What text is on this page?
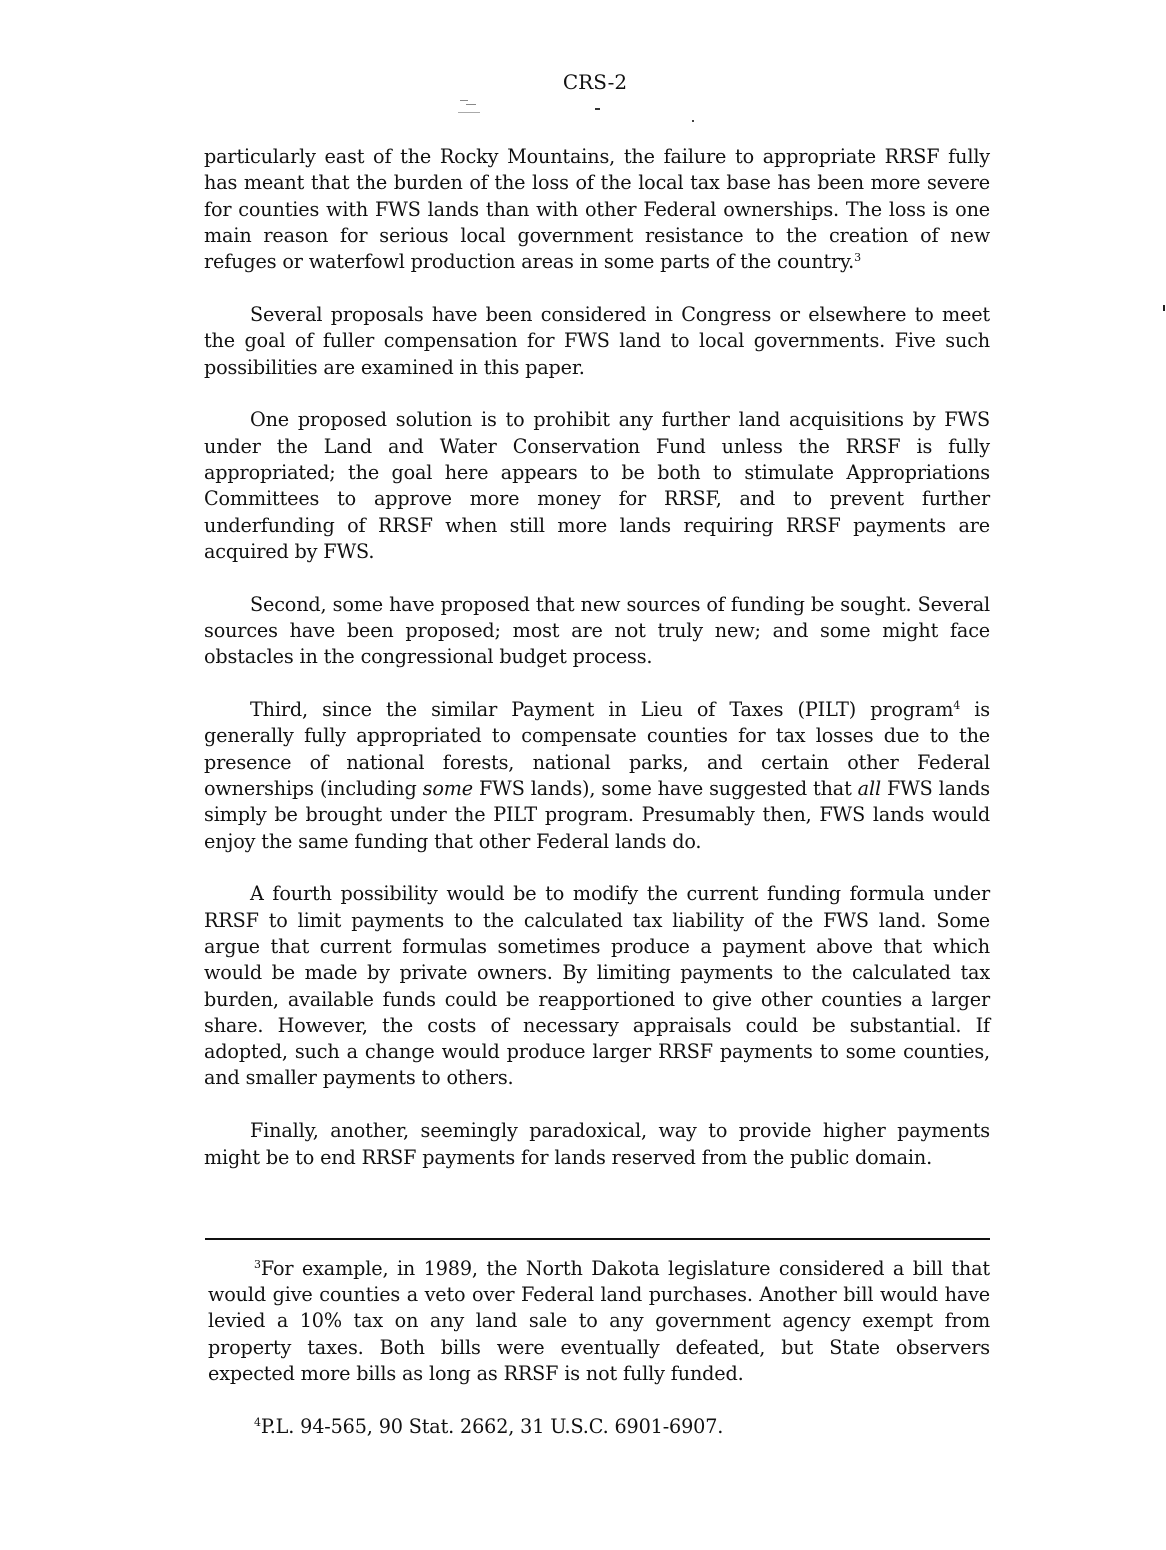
CRS-2

particularly east of the Rocky Mountains, the failure to appropriate RRSF fully has meant that the burden of the loss of the local tax base has been more severe for counties with FWS lands than with other Federal ownerships. The loss is one main reason for serious local government resistance to the creation of new refuges or waterfowl production areas in some parts of the country.$^3$

Several proposals have been considered in Congress or elsewhere to meet the goal of fuller compensation for FWS land to local governments. Five such possibilities are examined in this paper.

One proposed solution is to prohibit any further land acquisitions by FWS under the Land and Water Conservation Fund unless the RRSF is fully appropriated; the goal here appears to be both to stimulate Appropriations Committees to approve more money for RRSF, and to prevent further underfunding of RRSF when still more lands requiring RRSF payments are acquired by FWS.

Second, some have proposed that new sources of funding be sought. Several sources have been proposed; most are not truly new; and some might face obstacles in the congressional budget process.

Third, since the similar Payment in Lieu of Taxes (PILT) program$^4$ is generally fully appropriated to compensate counties for tax losses due to the presence of national forests, national parks, and certain other Federal ownerships (including some FWS lands), some have suggested that all FWS lands simply be brought under the PILT program. Presumably then, FWS lands would enjoy the same funding that other Federal lands do.

A fourth possibility would be to modify the current funding formula under RRSF to limit payments to the calculated tax liability of the FWS land. Some argue that current formulas sometimes produce a payment above that which would be made by private owners. By limiting payments to the calculated tax burden, available funds could be reapportioned to give other counties a larger share. However, the costs of necessary appraisals could be substantial. If adopted, such a change would produce larger RRSF payments to some counties, and smaller payments to others.

Finally, another, seemingly paradoxical, way to provide higher payments might be to end RRSF payments for lands reserved from the public domain.

$^3$For example, in 1989, the North Dakota legislature considered a bill that would give counties a veto over Federal land purchases. Another bill would have levied a 10% tax on any land sale to any government agency exempt from property taxes. Both bills were eventually defeated, but State observers expected more bills as long as RRSF is not fully funded.

$^4$P.L. 94-565, 90 Stat. 2662, 31 U.S.C. 6901-6907.
